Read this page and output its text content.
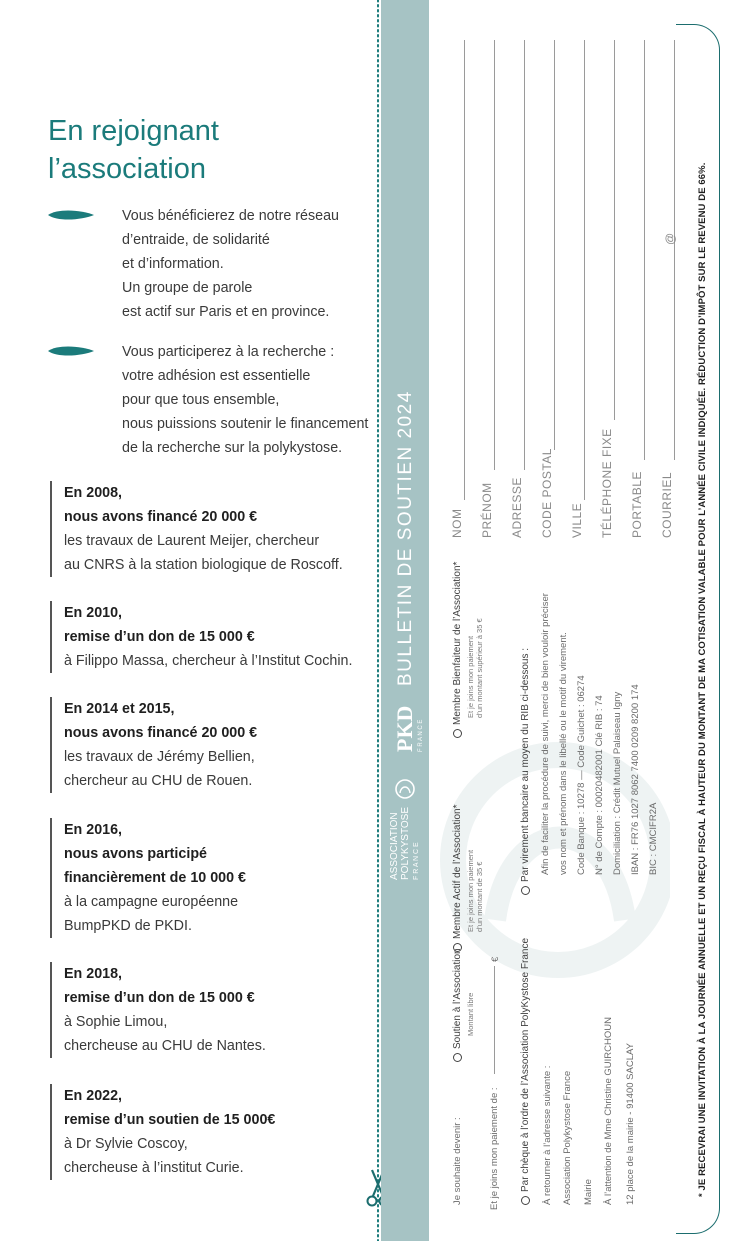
En rejoignant
l’association
Vous bénéficierez de notre réseau
d’entraide, de solidarité
et d’information.
Un groupe de parole
est actif sur Paris et en province.
Vous participerez à la recherche :
votre adhésion est essentielle
pour que tous ensemble,
nous puissions soutenir le financement
de la recherche sur la polykystose.
En 2008,
nous avons financé 20 000 €
les travaux de Laurent Meijer, chercheur
au CNRS à la station biologique de Roscoff.
En 2010,
remise d’un don de 15 000 €
à Filippo Massa, chercheur à l’Institut Cochin.
En 2014 et 2015,
nous avons financé 20 000 €
les travaux de Jérémy Bellien,
chercheur au CHU de Rouen.
En 2016,
nous avons participé
financièrement de 10 000 €
à la campagne européenne
BumpPKD de PKDI.
En 2018,
remise d’un don de 15 000 €
à Sophie Limou,
chercheuse au CHU de Nantes.
En 2022,
remise d’un soutien de 15 000€
à Dr Sylvie Coscoy,
chercheuse à l’institut Curie.
BULLETIN DE SOUTIEN 2024
ASSOCIATION POLYKYSTOSE F R A N C E
PKD F R A N C E
Je souhaite devenir :
Soutien à l’Association Montant libre
Et je joins mon paiement de :
€
Membre Actif de l’Association* Et je joins mon paiement d’un montant de 35 €
Membre Bienfaiteur de l’Association* Et je joins mon paiement d’un montant supérieur à 35 €
Par chèque à l’ordre de l’Association PolyKystose France À retourner à l’adresse suivante : Association Polykystose France Mairie À l’attention de Mme Christine GUIRCHOUN 12 place de la mairie - 91400 SACLAY
Par virement bancaire au moyen du RIB ci-dessous : Afin de faciliter la procédure de suivi, merci de bien vouloir préciser vos nom et prénom dans le libellé ou le motif du virement. Code Banque : 10278 — Code Guichet : 06274 N° de Compte : 00020482001 Clé RIB : 74 Domiciliation : Crédit Mutuel Palaiseau Igny IBAN : FR76 1027 8062 7400 0209 8200 174 BIC : CMCIFR2A
NOM PRÉNOM ADRESSE CODE POSTAL VILLE TÉLÉPHONE FIXE PORTABLE COURRIEL
@ * JE RECEVRAI UNE INVITATION À LA JOURNÉE ANNUELLE ET UN REÇU FISCAL À HAUTEUR DU MONTANT DE MA COTISATION VALABLE POUR L’ANNÉE CIVILE INDIQUÉE. RÉDUCTION D’IMPÔT SUR LE REVENU DE 66%.
